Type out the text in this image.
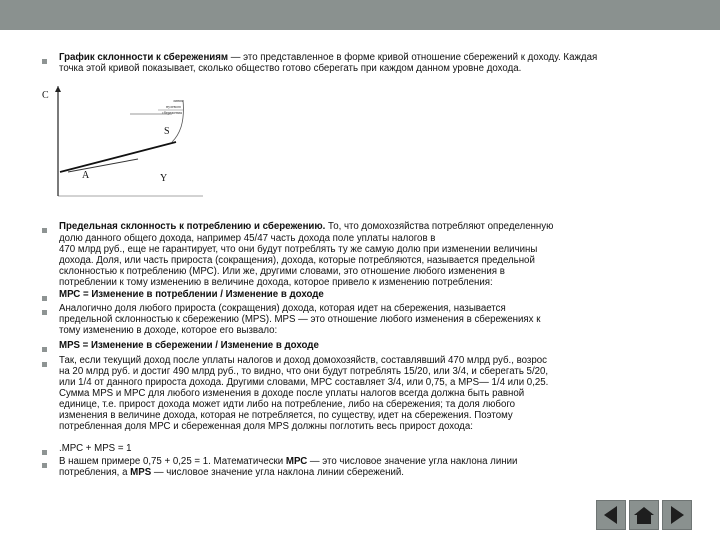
График склонности к сбережениям — это представленное в форме кривой отношение сбережений к доходу. Каждая
точка этой кривой показывает, сколько общество готово сберегать при каждом данном уровне дохода.
C	линия
нулевого
сбережения
S
A	Y
Предельная склонность к потреблению и сбережению. То, что домохозяйства потребляют определенную
долю данного общего дохода, например 45/47 часть дохода поле уплаты налогов в
470 млрд руб., еще не гарантирует, что они будут потреблять ту же самую долю при изменении величины
дохода. Доля, или часть прироста (сокращения), дохода, которые потребляются, называется предельной
склонностью к потреблению (МРС). Или же, другими словами, это отношение любого изменения в
потреблении к тому изменению в величине дохода, которое привело к изменению потребления:
МРС = Изменение в потреблении / Изменение в доходе
Аналогично доля любого прироста (сокращения) дохода, которая идет на сбережения, называется
предельной склонностью к сбережению (MPS). MPS — это отношение любого изменения в сбережениях к
тому изменению в доходе, которое его вызвало:
MPS = Изменение в сбережении / Изменение в доходе
Так, если текущий доход после уплаты налогов и доход домохозяйств, составлявший 470 млрд руб., возрос
на 20 млрд руб. и достиг 490 млрд руб., то видно, что они будут потреблять 15/20, или 3/4, и сберегать 5/20,
или 1/4 от данного прироста дохода. Другими словами, МРС составляет 3/4, или 0,75, а MPS— 1/4 или 0,25.
Сумма MPS и МРС для любого изменения в доходе после уплаты налогов всегда должна быть равной
единице, т.е. прирост дохода может идти либо на потребление, либо на сбережения; та доля любого
изменения в величине дохода, которая не потребляется, по существу, идет на сбережения. Поэтому
потребленная доля МРС и сбереженная доля MPS должны поглотить весь прирост дохода:
.МРС + MPS = 1
В нашем примере 0,75 + 0,25 = 1. Математически МРС — это числовое значение угла наклона линии
потребления, а MPS — числовое значение угла наклона линии сбережений.
